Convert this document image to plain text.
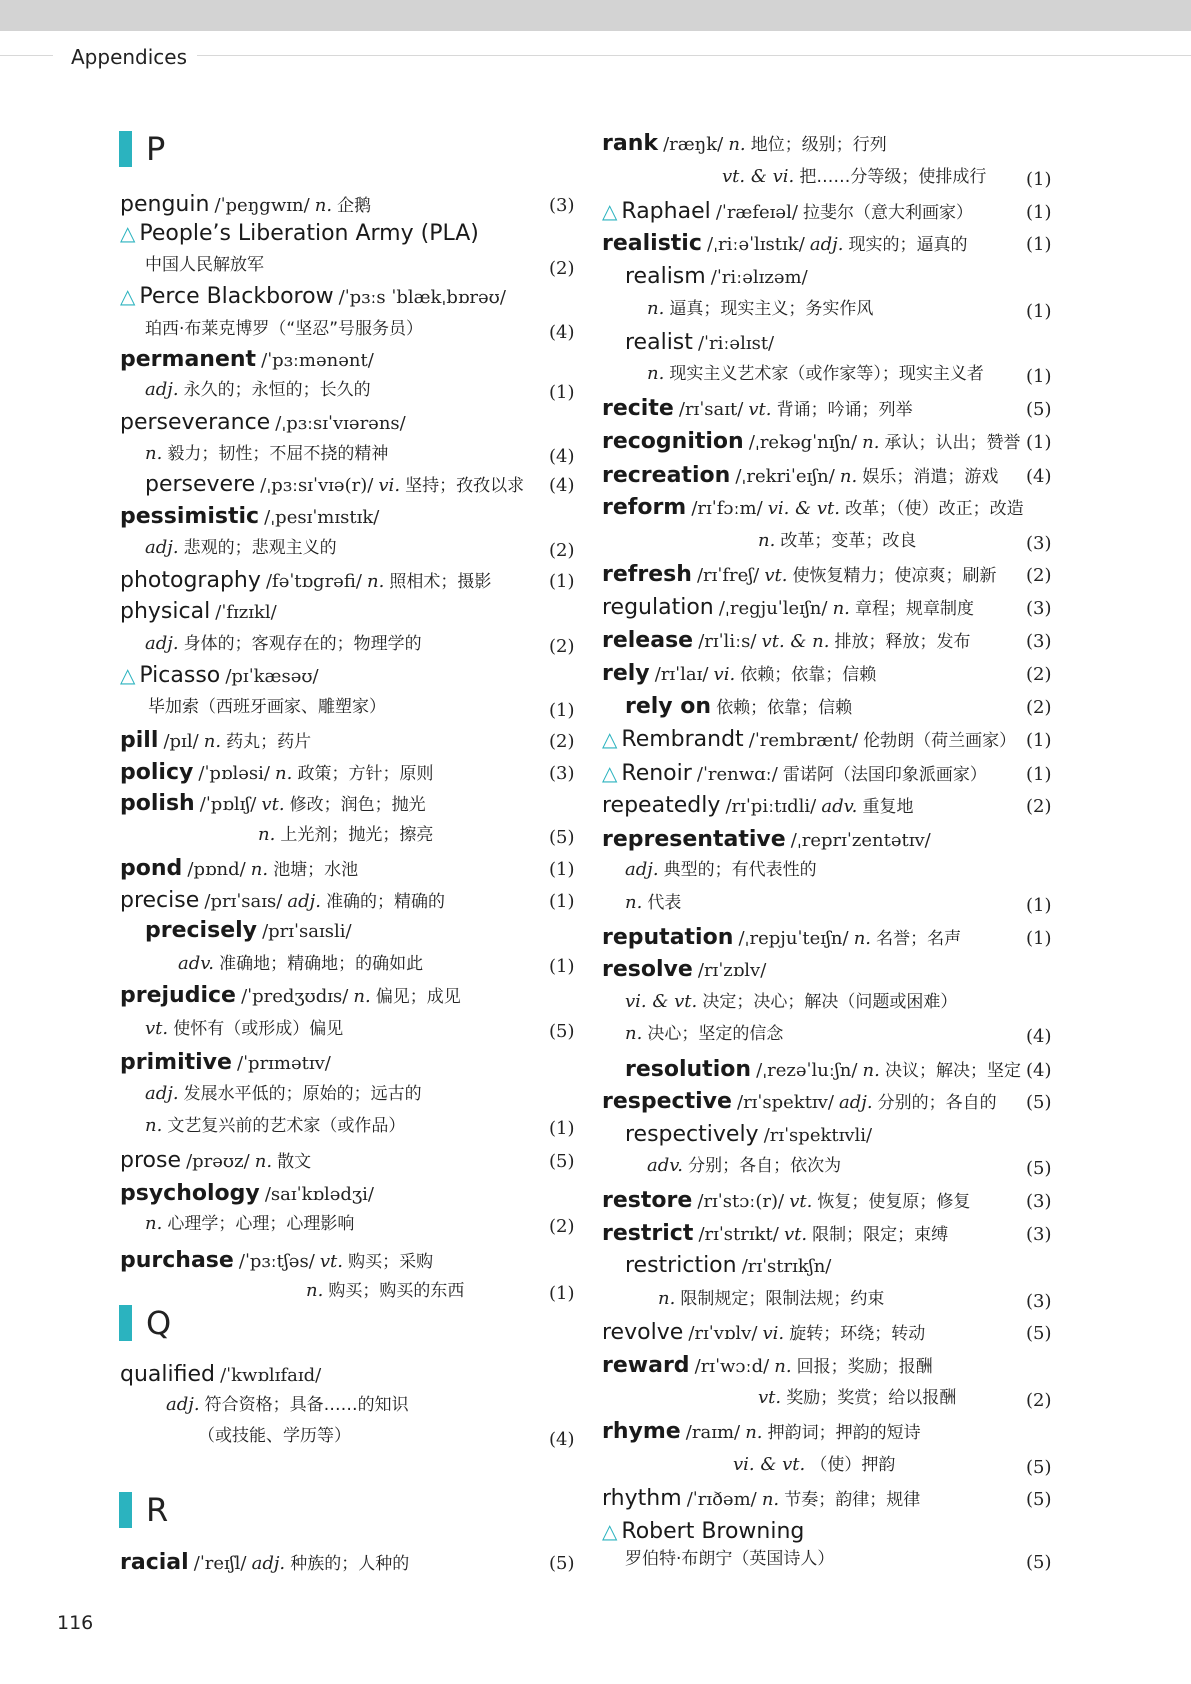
Appendices
P
Q
R
penguin /ˈpeŋgwɪn/ n. 企鹅	(3)
△ People’s Liberation Army (PLA)
中国人民解放军	(2)
△ Perce Blackborow /ˈpɜːs ˈblækˌbɒrəʊ/
珀西·布莱克博罗（“坚忍”号服务员）	(4)
permanent /ˈpɜːmənənt/
adj. 永久的；永恒的；长久的	(1)
perseverance /ˌpɜːsɪˈvɪərəns/
n. 毅力；韧性；不屈不挠的精神	(4)
persevere /ˌpɜːsɪˈvɪə(r)/ vi. 坚持；孜孜以求 (4)
pessimistic /ˌpesɪˈmɪstɪk/
adj. 悲观的；悲观主义的	(2)
photography /fəˈtɒgrəfi/ n. 照相术；摄影	(1)
physical /ˈfɪzɪkl/
adj. 身体的；客观存在的；物理学的	(2)
△ Picasso /pɪˈkæsəʊ/
毕加索（西班牙画家、雕塑家）	(1)
pill /pɪl/ n. 药丸；药片	(2)
policy /ˈpɒləsi/ n. 政策；方针；原则	(3)
polish /ˈpɒlɪʃ/ vt. 修改；润色；抛光
n. 上光剂；抛光；擦亮	(5)
pond /pɒnd/ n. 池塘；水池	(1)
precise /prɪˈsaɪs/ adj. 准确的；精确的	(1)
precisely /prɪˈsaɪsli/
adv. 准确地；精确地；的确如此	(1)
prejudice /ˈpredʒʊdɪs/ n. 偏见；成见
vt. 使怀有（或形成）偏见	(5)
primitive /ˈprɪmətɪv/
adj. 发展水平低的；原始的；远古的
n. 文艺复兴前的艺术家（或作品）	(1)
prose /prəʊz/ n. 散文	(5)
psychology /saɪˈkɒlədʒi/
n. 心理学；心理；心理影响	(2)
purchase /ˈpɜːtʃəs/ vt. 购买；采购
n. 购买；购买的东西	(1)
qualified /ˈkwɒlɪfaɪd/
adj. 符合资格；具备……的知识
（或技能、学历等）	(4)
racial /ˈreɪʃl/ adj. 种族的；人种的	(5)
rank /ræŋk/ n. 地位；级别；行列
vt. & vi. 把……分等级；使排成行 (1)
△ Raphael /ˈræfeɪəl/ 拉斐尔（意大利画家）	(1)
realistic /ˌriːəˈlɪstɪk/ adj. 现实的；逼真的	(1)
realism /ˈriːəlɪzəm/
n. 逼真；现实主义；务实作风	(1)
realist /ˈriːəlɪst/
n. 现实主义艺术家（或作家等）；现实主义者 (1)
recite /rɪˈsaɪt/ vt. 背诵；吟诵；列举	(5)
recognition /ˌrekəgˈnɪʃn/ n. 承认；认出；赞誉 (1)
recreation /ˌrekriˈeɪʃn/ n. 娱乐；消遣；游戏 (4)
reform /rɪˈfɔːm/ vi. & vt. 改革；（使）改正；改造
n. 改革；变革；改良	(3)
refresh /rɪˈfreʃ/ vt. 使恢复精力；使凉爽；刷新 (2)
regulation /ˌregjuˈleɪʃn/ n. 章程；规章制度	(3)
release /rɪˈliːs/ vt. & n. 排放；释放；发布	(3)
rely /rɪˈlaɪ/ vi. 依赖；依靠；信赖	(2)
rely on 依赖；依靠；信赖	(2)
△ Rembrandt /ˈrembrænt/ 伦勃朗（荷兰画家） (1)
△ Renoir /ˈrenwɑː/ 雷诺阿（法国印象派画家） (1)
repeatedly /rɪˈpiːtɪdli/ adv. 重复地	(2)
representative /ˌreprɪˈzentətɪv/
adj. 典型的；有代表性的
n. 代表	(1)
reputation /ˌrepjuˈteɪʃn/ n. 名誉；名声	(1)
resolve /rɪˈzɒlv/
vi. & vt. 决定；决心；解决（问题或困难）
n. 决心；坚定的信念	(4)
resolution /ˌrezəˈluːʃn/ n. 决议；解决；坚定 (4)
respective /rɪˈspektɪv/ adj. 分别的；各自的 (5)
respectively /rɪˈspektɪvli/
adv. 分别；各自；依次为	(5)
restore /rɪˈstɔː(r)/ vt. 恢复；使复原；修复	(3)
restrict /rɪˈstrɪkt/ vt. 限制；限定；束缚	(3)
restriction /rɪˈstrɪkʃn/
n. 限制规定；限制法规；约束	(3)
revolve /rɪˈvɒlv/ vi. 旋转；环绕；转动	(5)
reward /rɪˈwɔːd/ n. 回报；奖励；报酬
vt. 奖励；奖赏；给以报酬	(2)
rhyme /raɪm/ n. 押韵词；押韵的短诗
vi. & vt. （使）押韵	(5)
rhythm /ˈrɪðəm/ n. 节奏；韵律；规律	(5)
△ Robert Browning
罗伯特·布朗宁（英国诗人）	(5)
116
